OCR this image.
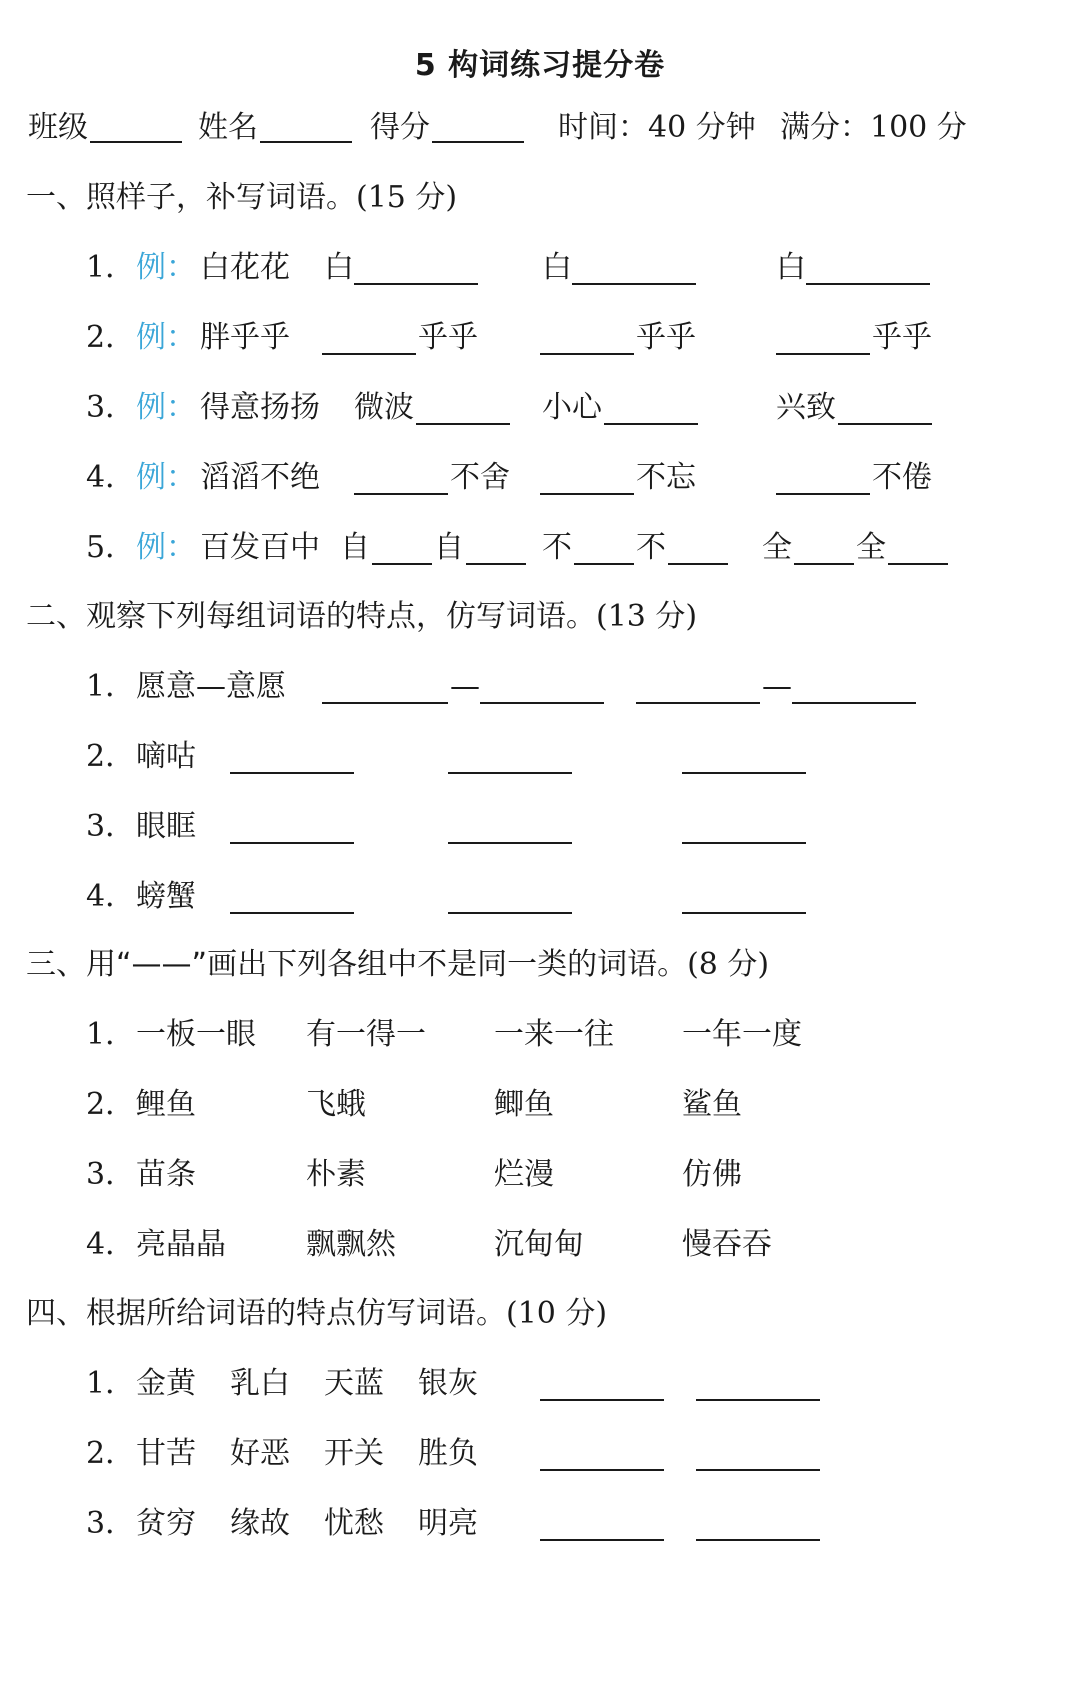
5 构词练习提分卷
班级	姓名	得分	时间：40 分钟 满分：100 分
一、照样子，补写词语。(15 分)
1． 例： 白花花 白	白	白
2． 例： 胖乎乎	乎乎	乎乎	乎乎
3． 例： 得意扬扬 微波	小心	兴致
4． 例： 滔滔不绝	不舍	不忘	不倦
5． 例： 百发百中 自 自	不 不	全 全
二、观察下列每组词语的特点，仿写词语。(13 分)
1． 愿意—意愿	—	—
2． 嘀咕
3． 眼眶
4． 螃蟹
三、用“——”画出下列各组中不是同一类的词语。(8 分)
1． 一板一眼 有一得一 一来一往 一年一度
2． 鲤鱼	飞蛾	鲫鱼	鲨鱼
3． 苗条	朴素	烂漫	仿佛
4． 亮晶晶	飘飘然	沉甸甸	慢吞吞
四、根据所给词语的特点仿写词语。(10 分)
1． 金黄 乳白 天蓝 银灰
2． 甘苦 好恶 开关 胜负
3． 贫穷 缘故 忧愁 明亮
